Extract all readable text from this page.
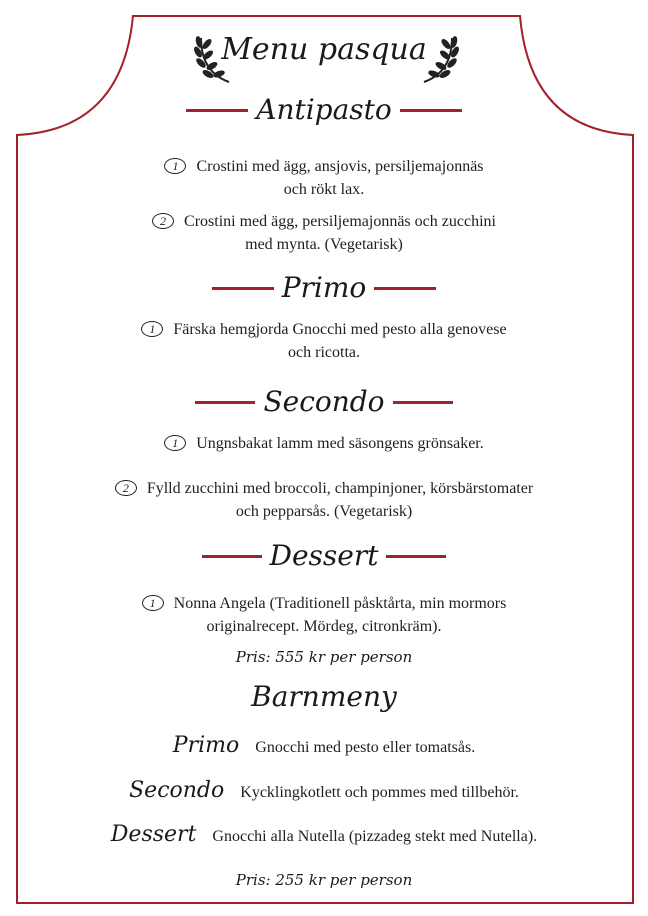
Menu pasqua
Antipasto
1 Crostini med ägg, ansjovis, persiljemajonnäs
och rökt lax.
2 Crostini med ägg, persiljemajonnäs och zucchini
med mynta. (Vegetarisk)
Primo
1 Färska hemgjorda Gnocchi med pesto alla genovese
och ricotta.
Secondo
1 Ungnsbakat lamm med säsongens grönsaker.
2 Fylld zucchini med broccoli, champinjoner, körsbärstomater
och pepparsås. (Vegetarisk)
Dessert
1 Nonna Angela (Traditionell påsktårta, min mormors
originalrecept. Mördeg, citronkräm).
Pris: 555 kr per person
Barnmeny
Primo Gnocchi med pesto eller tomatsås.
Secondo Kycklingkotlett och pommes med tillbehör.
Dessert Gnocchi alla Nutella (pizzadeg stekt med Nutella).
Pris: 255 kr per person
